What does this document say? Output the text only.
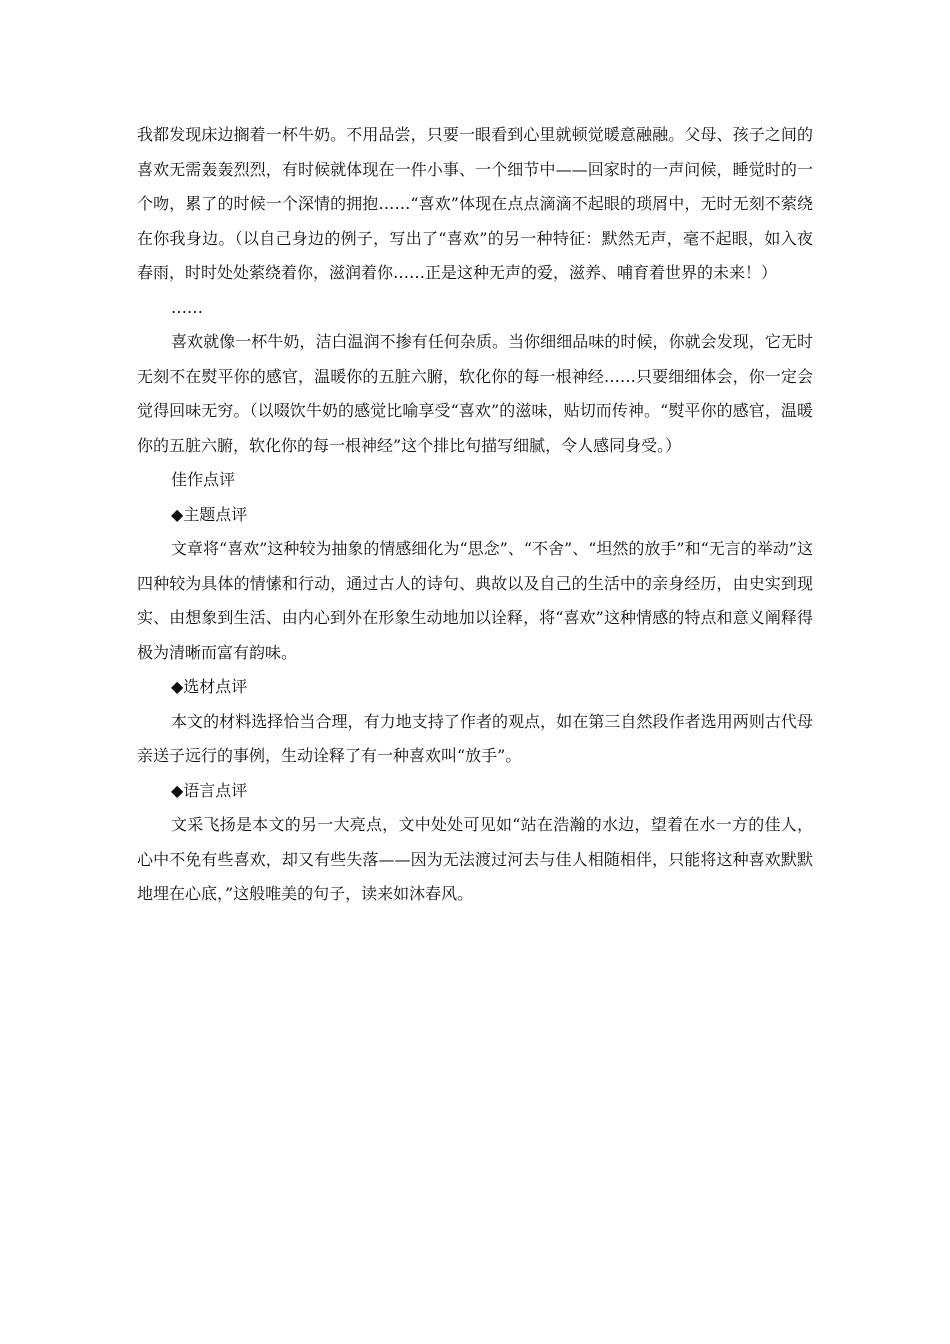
我都发现床边搁着一杯牛奶。不用品尝，只要一眼看到心里就顿觉暖意融融。父母、孩子之间的喜欢无需轰轰烈烈，有时候就体现在一件小事、一个细节中——回家时的一声问候，睡觉时的一个吻，累了的时候一个深情的拥抱……“喜欢”体现在点点滴滴不起眼的琐屑中，无时无刻不萦绕在你我身边。（以自己身边的例子，写出了“喜欢”的另一种特征：默然无声，毫不起眼，如入夜春雨，时时处处萦绕着你，滋润着你……正是这种无声的爱，滋养、哺育着世界的未来！）

……

喜欢就像一杯牛奶，洁白温润不掺有任何杂质。当你细细品味的时候，你就会发现，它无时无刻不在熨平你的感官，温暖你的五脏六腑，软化你的每一根神经……只要细细体会，你一定会觉得回味无穷。（以啜饮牛奶的感觉比喻享受“喜欢”的滋味，贴切而传神。“熨平你的感官，温暖你的五脏六腑，软化你的每一根神经”这个排比句描写细腻，令人感同身受。）

佳作点评

◆主题点评

文章将“喜欢”这种较为抽象的情感细化为“思念”、“不舍”、“坦然的放手”和“无言的举动”这四种较为具体的情愫和行动，通过古人的诗句、典故以及自己的生活中的亲身经历，由史实到现实、由想象到生活、由内心到外在形象生动地加以诠释，将“喜欢”这种情感的特点和意义阐释得极为清晰而富有韵味。

◆选材点评

本文的材料选择恰当合理，有力地支持了作者的观点，如在第三自然段作者选用两则古代母亲送子远行的事例，生动诠释了有一种喜欢叫“放手”。

◆语言点评

文采飞扬是本文的另一大亮点，文中处处可见如“站在浩瀚的水边，望着在水一方的佳人，心中不免有些喜欢，却又有些失落——因为无法渡过河去与佳人相随相伴，只能将这种喜欢默默地埋在心底，”这般唯美的句子，读来如沐春风。
